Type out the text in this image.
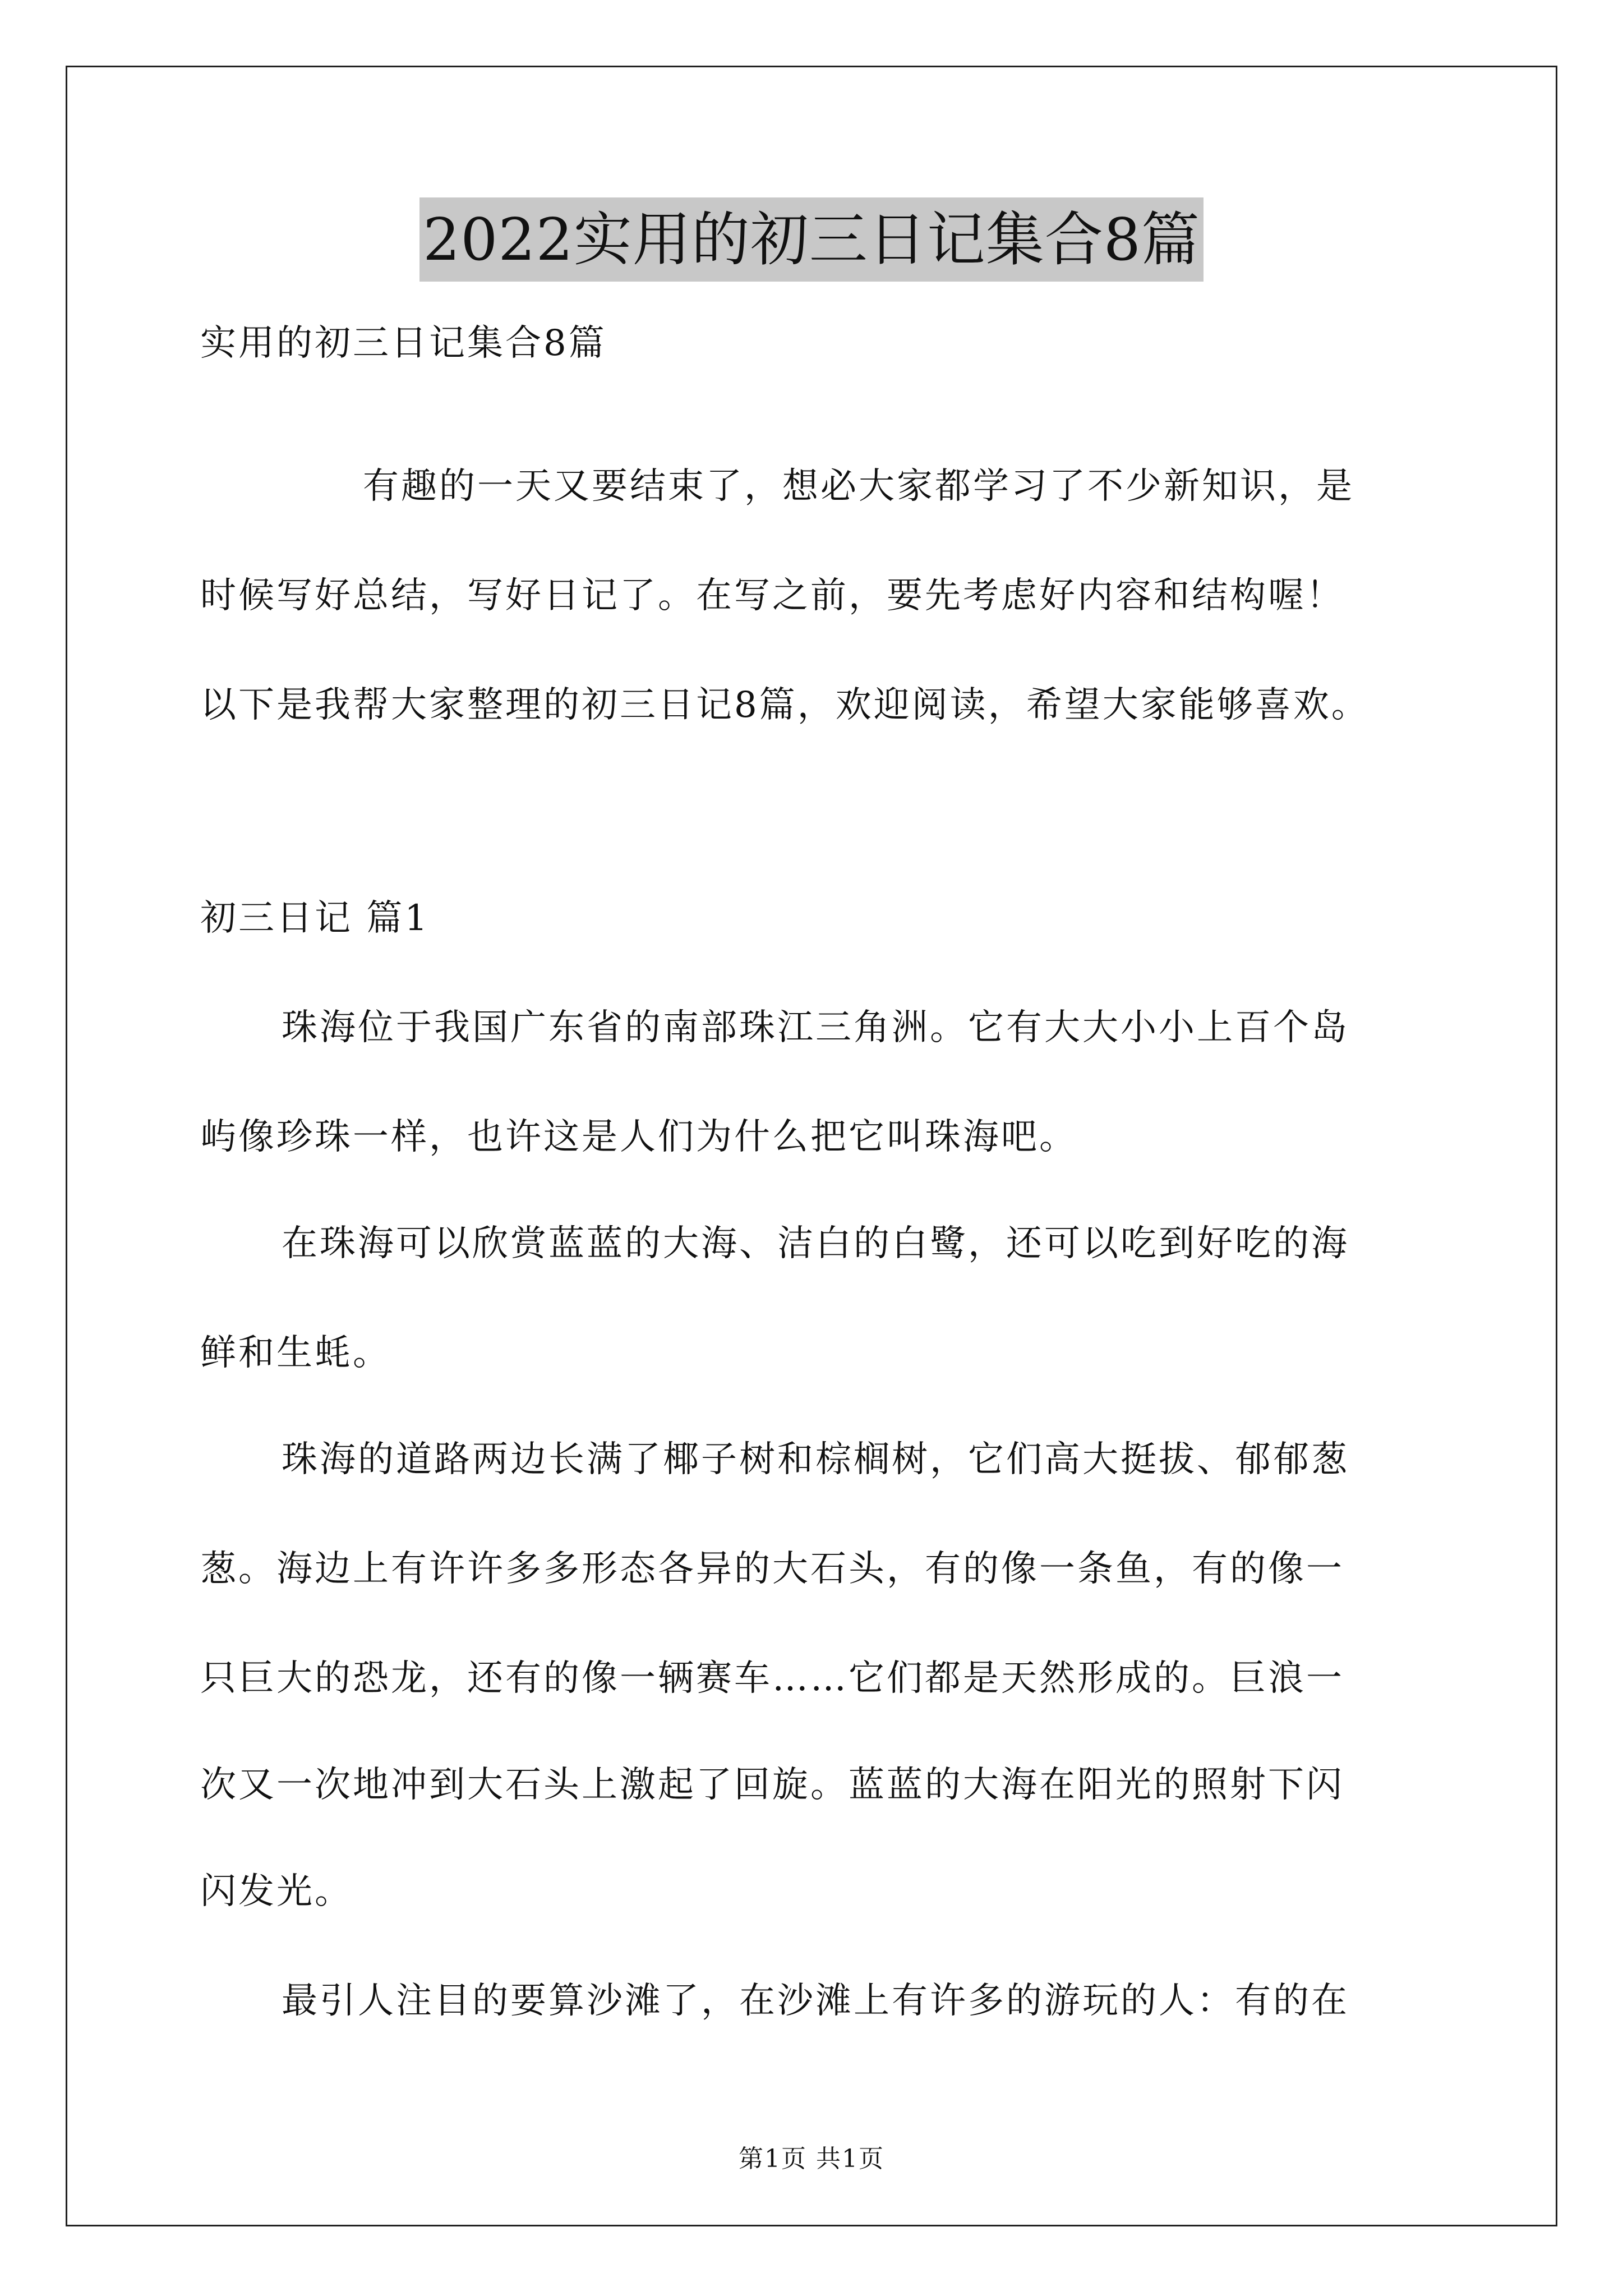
2022实用的初三日记集合8篇
实用的初三日记集合8篇
有趣的一天又要结束了，想必大家都学习了不少新知识，是
时候写好总结，写好日记了。在写之前，要先考虑好内容和结构喔！
以下是我帮大家整理的初三日记8篇，欢迎阅读，希望大家能够喜欢。
初三日记 篇1
珠海位于我国广东省的南部珠江三角洲。它有大大小小上百个岛
屿像珍珠一样，也许这是人们为什么把它叫珠海吧。
在珠海可以欣赏蓝蓝的大海、洁白的白鹭，还可以吃到好吃的海
鲜和生蚝。
珠海的道路两边长满了椰子树和棕榈树，它们高大挺拔、郁郁葱
葱。海边上有许许多多形态各异的大石头，有的像一条鱼，有的像一
只巨大的恐龙，还有的像一辆赛车……它们都是天然形成的。巨浪一
次又一次地冲到大石头上激起了回旋。蓝蓝的大海在阳光的照射下闪
闪发光。
最引人注目的要算沙滩了，在沙滩上有许多的游玩的人：有的在
第1页 共1页
